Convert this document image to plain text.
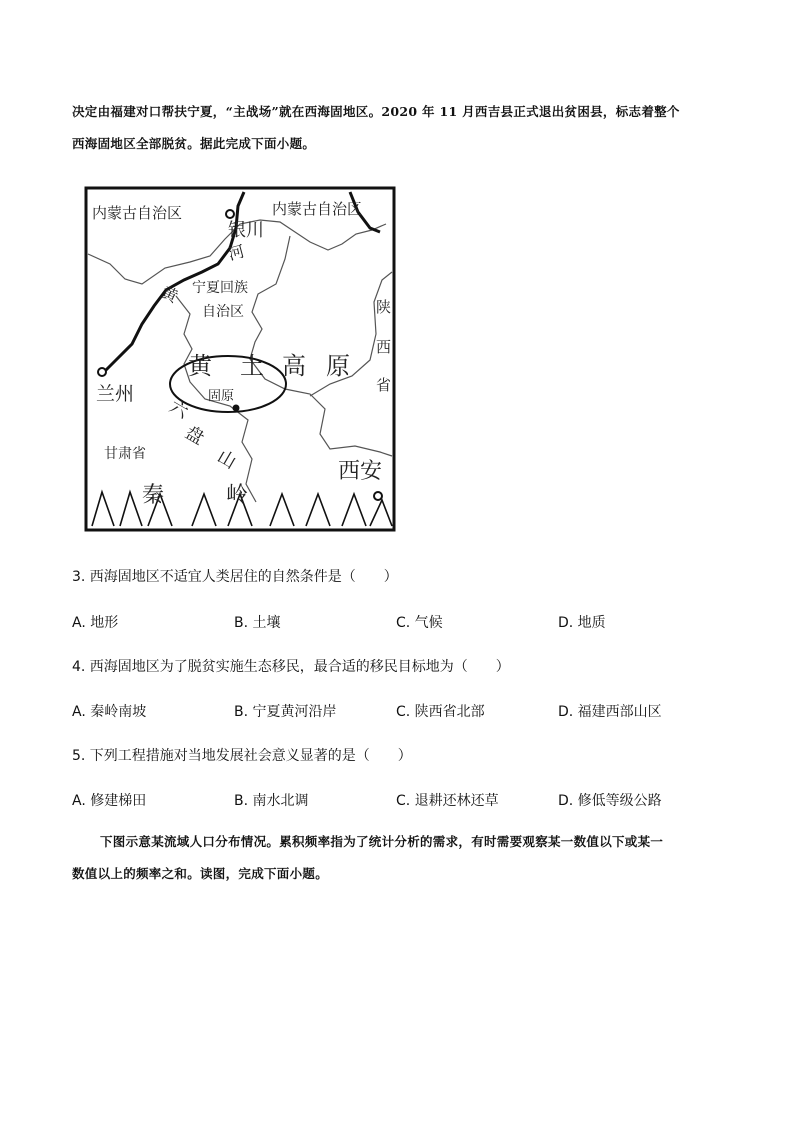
决定由福建对口帮扶宁夏，“主战场”就在西海固地区。2020 年 11 月西吉县正式退出贫困县，标志着整个

西海固地区全部脱贫。据此完成下面小题。

内蒙古自治区	内蒙古自治区
银川
河
黄 宁夏回族
自治区	陕
西
省
黄 土 高 原
兰州	固原
六
盘
山
甘肃省
秦	岭
西安
3. 西海固地区不适宜人类居住的自然条件是（　　）
A. 地形	B. 土壤	C. 气候	D. 地质
4. 西海固地区为了脱贫实施生态移民，最合适的移民目标地为（　　）
A. 秦岭南坡	B. 宁夏黄河沿岸	C. 陕西省北部	D. 福建西部山区
5. 下列工程措施对当地发展社会意义显著的是（　　）
A. 修建梯田	B. 南水北调	C. 退耕还林还草	D. 修低等级公路

下图示意某流域人口分布情况。累积频率指为了统计分析的需求，有时需要观察某一数值以下或某一

数值以上的频率之和。读图，完成下面小题。
